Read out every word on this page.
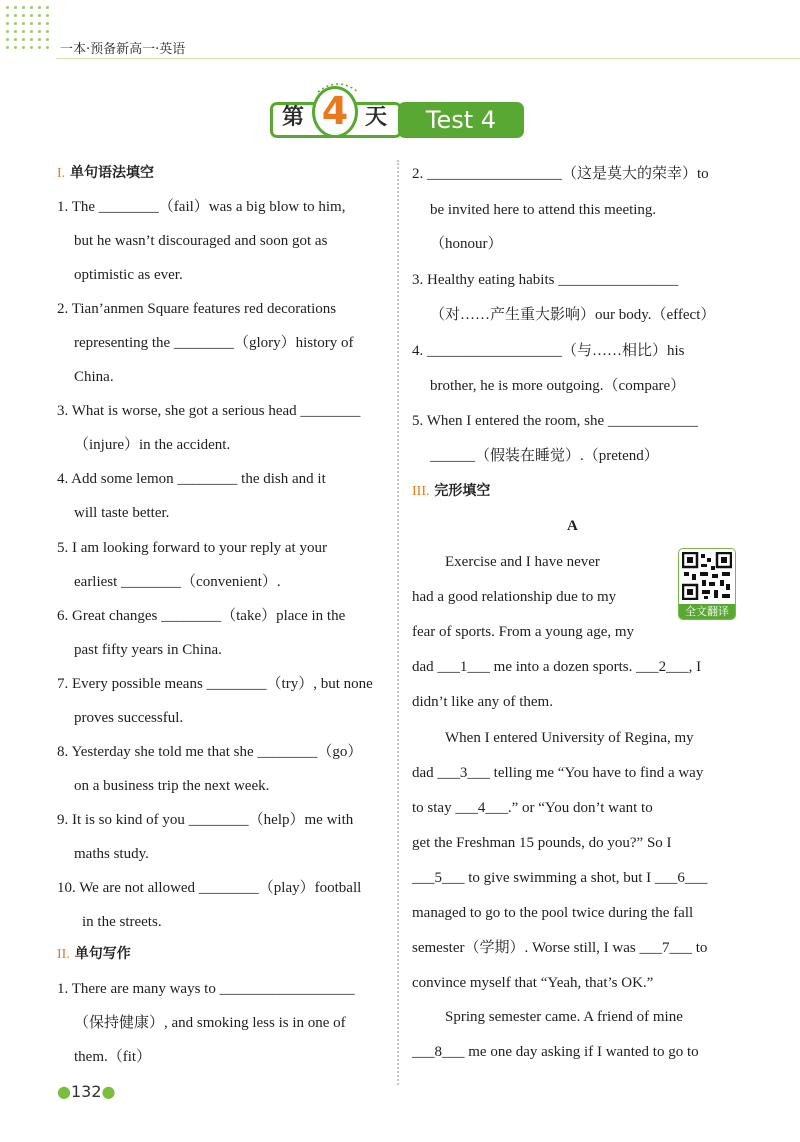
一本·预备新高一·英语
第 4 天	Test 4
I. 单句语法填空
II. 单句写作
III. 完形填空
1. The ________（fail）was a big blow to him,
but he wasn’t discouraged and soon got as
optimistic as ever.
2. Tian’anmen Square features red decorations
representing the ________（glory）history of
China.
3. What is worse, she got a serious head ________
（injure）in the accident.
4. Add some lemon ________ the dish and it
will taste better.
5. I am looking forward to your reply at your
earliest ________（convenient）.
6. Great changes ________（take）place in the
past fifty years in China.
7. Every possible means ________（try）, but none
proves successful.
8. Yesterday she told me that she ________（go）
on a business trip the next week.
9. It is so kind of you ________（help）me with
maths study.
10. We are not allowed ________（play）football
in the streets.
1. There are many ways to __________________
（保持健康）, and smoking less is in one of
them.（fit）
2. __________________（这是莫大的荣幸）to
be invited here to attend this meeting.
（honour）
3. Healthy eating habits ________________
（对……产生重大影响）our body.（effect）
4. __________________（与……相比）his
brother, he is more outgoing.（compare）
5. When I entered the room, she ____________
______（假装在睡觉）.（pretend）
A
Exercise and I have never
had a good relationship due to my
fear of sports. From a young age, my
dad ___1___ me into a dozen sports. ___2___, I
didn’t like any of them.
When I entered University of Regina, my
dad ___3___ telling me “You have to find a way
to stay ___4___.” or “You don’t want to
get the Freshman 15 pounds, do you?” So I
___5___ to give swimming a shot, but I ___6___
managed to go to the pool twice during the fall
semester（学期）. Worse still, I was ___7___ to
convince myself that “Yeah, that’s OK.”
Spring semester came. A friend of mine
___8___ me one day asking if I wanted to go to
全文翻译
●132●
